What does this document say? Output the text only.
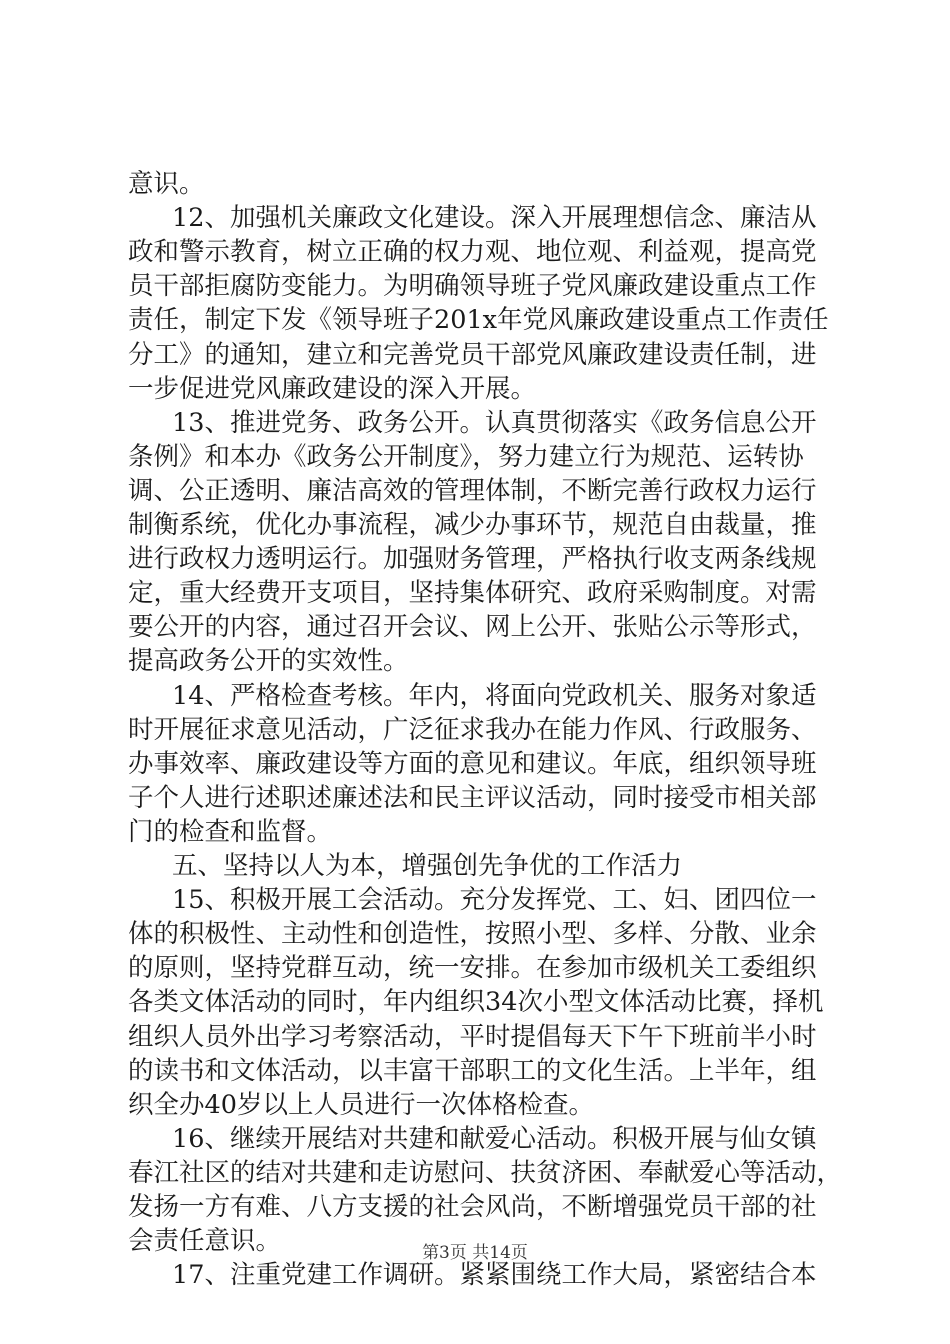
意识。
12、加强机关廉政文化建设。深入开展理想信念、廉洁从
政和警示教育，树立正确的权力观、地位观、利益观，提高党
员干部拒腐防变能力。为明确领导班子党风廉政建设重点工作
责任，制定下发《领导班子201x年党风廉政建设重点工作责任
分工》的通知，建立和完善党员干部党风廉政建设责任制，进
一步促进党风廉政建设的深入开展。
13、推进党务、政务公开。认真贯彻落实《政务信息公开
条例》和本办《政务公开制度》，努力建立行为规范、运转协
调、公正透明、廉洁高效的管理体制，不断完善行政权力运行
制衡系统，优化办事流程，减少办事环节，规范自由裁量，推
进行政权力透明运行。加强财务管理，严格执行收支两条线规
定，重大经费开支项目，坚持集体研究、政府采购制度。对需
要公开的内容，通过召开会议、网上公开、张贴公示等形式，
提高政务公开的实效性。
14、严格检查考核。年内，将面向党政机关、服务对象适
时开展征求意见活动，广泛征求我办在能力作风、行政服务、
办事效率、廉政建设等方面的意见和建议。年底，组织领导班
子个人进行述职述廉述法和民主评议活动，同时接受市相关部
门的检查和监督。
五、坚持以人为本，增强创先争优的工作活力
15、积极开展工会活动。充分发挥党、工、妇、团四位一
体的积极性、主动性和创造性，按照小型、多样、分散、业余
的原则，坚持党群互动，统一安排。在参加市级机关工委组织
各类文体活动的同时，年内组织34次小型文体活动比赛，择机
组织人员外出学习考察活动，平时提倡每天下午下班前半小时
的读书和文体活动，以丰富干部职工的文化生活。上半年，组
织全办40岁以上人员进行一次体格检查。
16、继续开展结对共建和献爱心活动。积极开展与仙女镇
春江社区的结对共建和走访慰问、扶贫济困、奉献爱心等活动，
发扬一方有难、八方支援的社会风尚，不断增强党员干部的社
会责任意识。
17、注重党建工作调研。紧紧围绕工作大局，紧密结合本
第3页 共14页
